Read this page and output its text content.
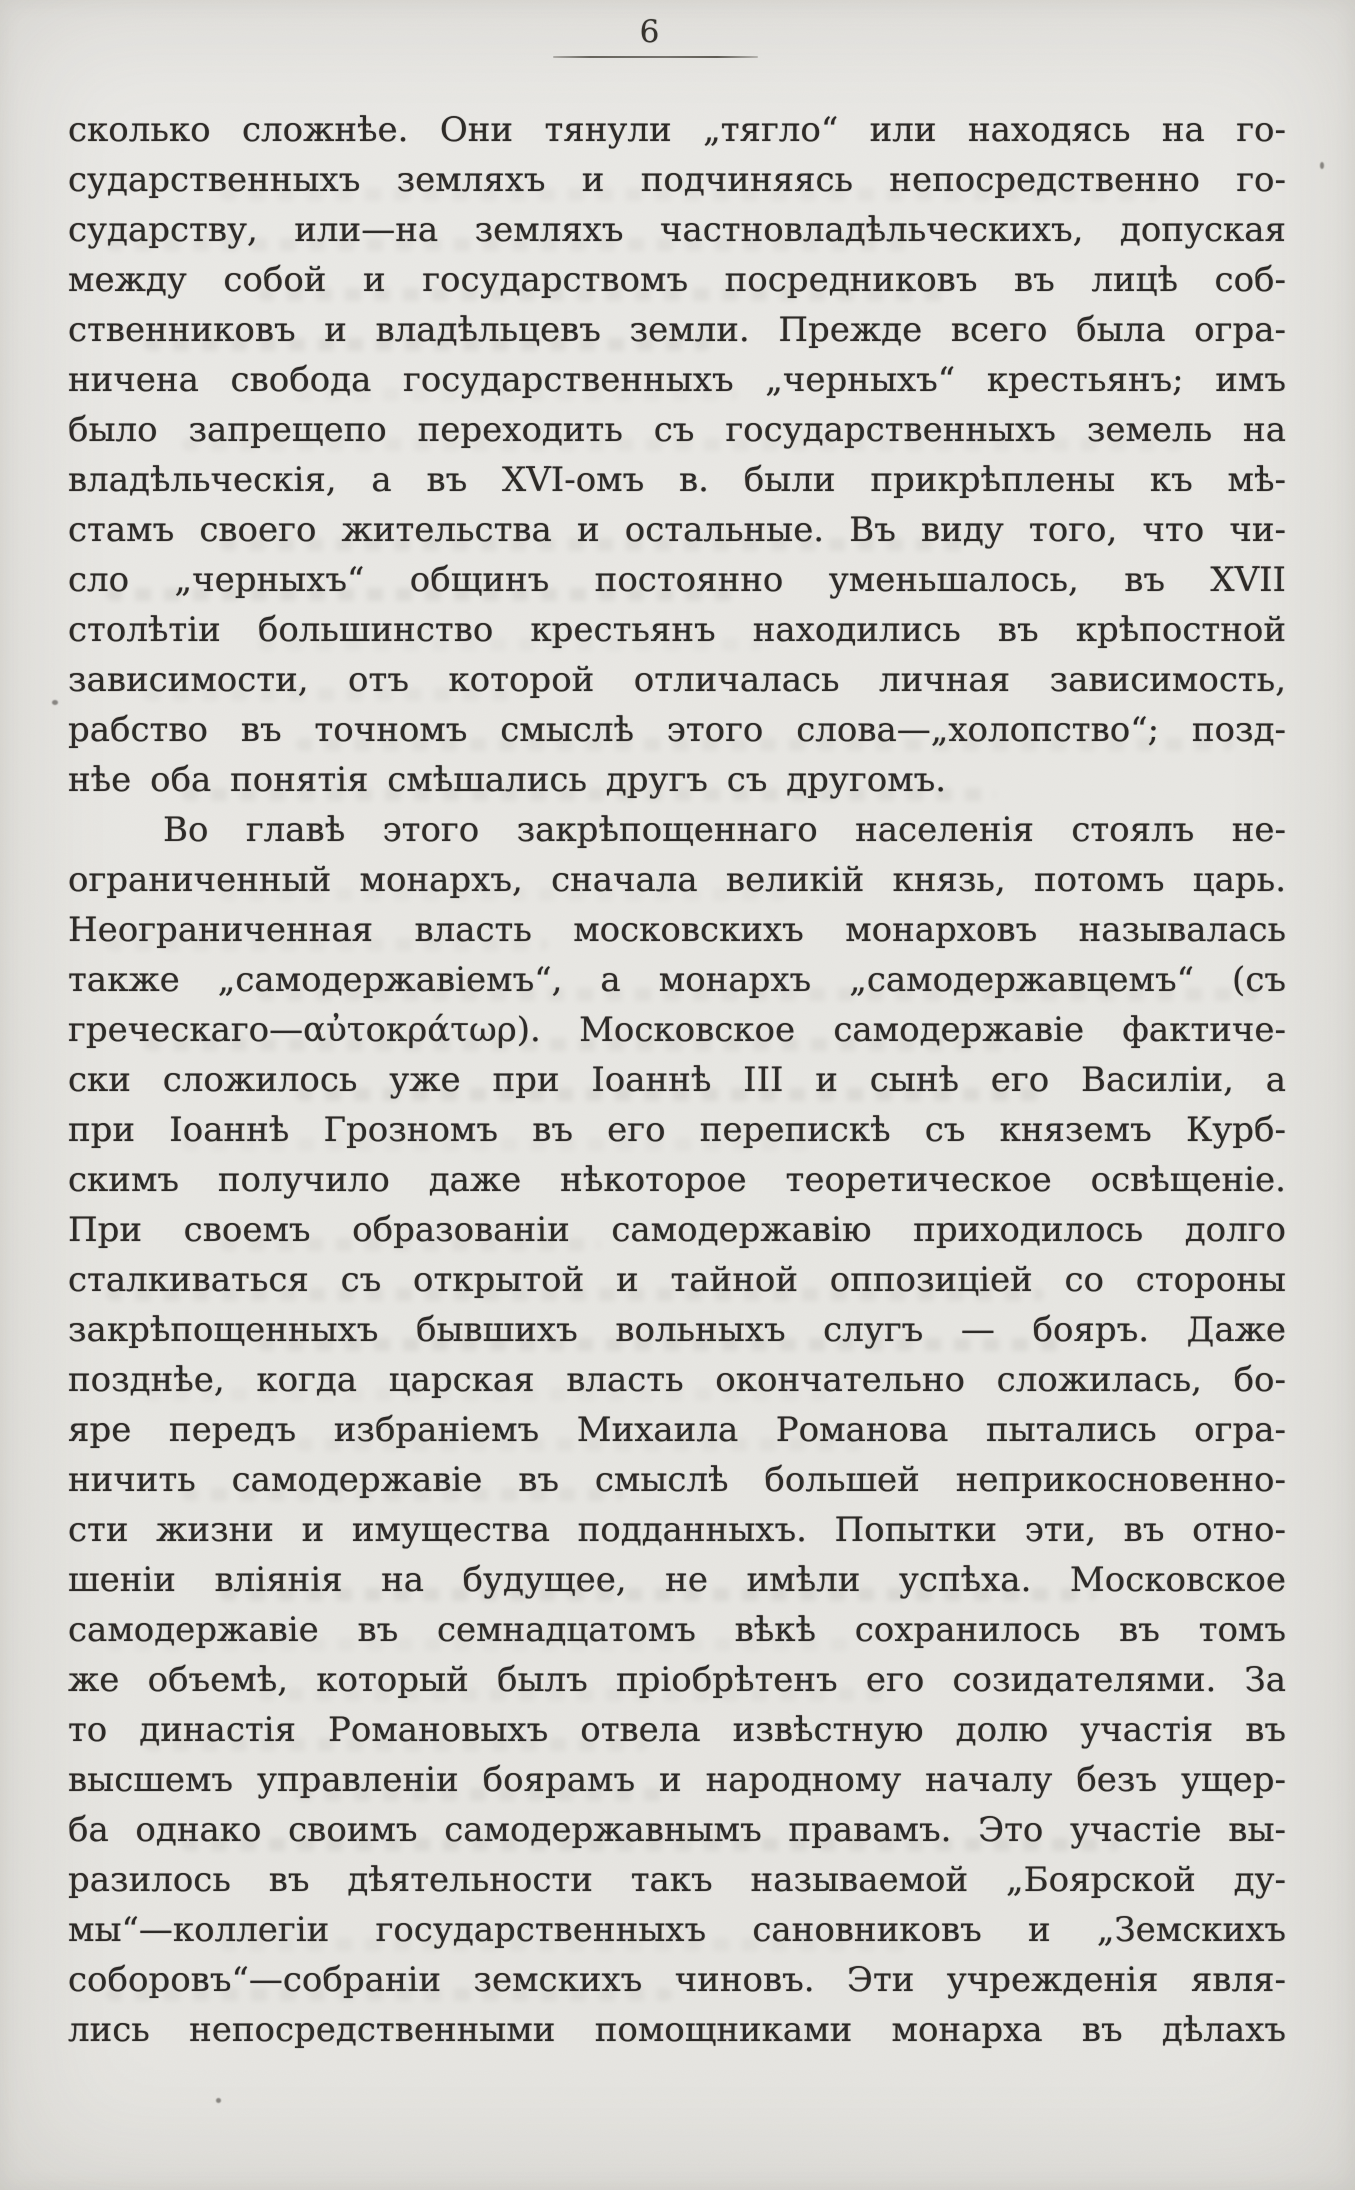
6
сколько сложнѣе. Они тянули „тягло“ или находясь на го-
сударственныхъ земляхъ и подчиняясь непосредственно го-
сударству, или—на земляхъ частновладѣльческихъ, допуская
между собой и государствомъ посредниковъ въ лицѣ соб-
ственниковъ и владѣльцевъ земли. Прежде всего была огра-
ничена свобода государственныхъ „черныхъ“ крестьянъ; имъ
было запрещепо переходить съ государственныхъ земель на
владѣльческія, а въ XVI-омъ в. были прикрѣплены къ мѣ-
стамъ своего жительства и остальные. Въ виду того, что чи-
сло „черныхъ“ общинъ постоянно уменьшалось, въ XVII
столѣтіи большинство крестьянъ находились въ крѣпостной
зависимости, отъ которой отличалась личная зависимость,
рабство въ точномъ смыслѣ этого слова—„холопство“; позд-
нѣе оба понятія смѣшались другъ съ другомъ.
Во главѣ этого закрѣпощеннаго населенія стоялъ не-
ограниченный монархъ, сначала великій князь, потомъ царь.
Неограниченная власть московскихъ монарховъ называлась
также „самодержавіемъ“, а монархъ „самодержавцемъ“ (съ
греческаго—αὐτοκράτωρ). Московское самодержавіе фактиче-
ски сложилось уже при Іоаннѣ III и сынѣ его Василіи, а
при Іоаннѣ Грозномъ въ его перепискѣ съ княземъ Курб-
скимъ получило даже нѣкоторое теоретическое освѣщеніе.
При своемъ образованіи самодержавію приходилось долго
сталкиваться съ открытой и тайной оппозиціей со стороны
закрѣпощенныхъ бывшихъ вольныхъ слугъ — бояръ. Даже
позднѣе, когда царская власть окончательно сложилась, бо-
яре передъ избраніемъ Михаила Романова пытались огра-
ничить самодержавіе въ смыслѣ большей неприкосновенно-
сти жизни и имущества подданныхъ. Попытки эти, въ отно-
шеніи вліянія на будущее, не имѣли успѣха. Московское
самодержавіе въ семнадцатомъ вѣкѣ сохранилось въ томъ
же объемѣ, который былъ пріобрѣтенъ его созидателями. За
то династія Романовыхъ отвела извѣстную долю участія въ
высшемъ управленіи боярамъ и народному началу безъ ущер-
ба однако своимъ самодержавнымъ правамъ. Это участіе вы-
разилось въ дѣятельности такъ называемой „Боярской ду-
мы“—коллегіи государственныхъ сановниковъ и „Земскихъ
соборовъ“—собраніи земскихъ чиновъ. Эти учрежденія явля-
лись непосредственными помощниками монарха въ дѣлахъ
